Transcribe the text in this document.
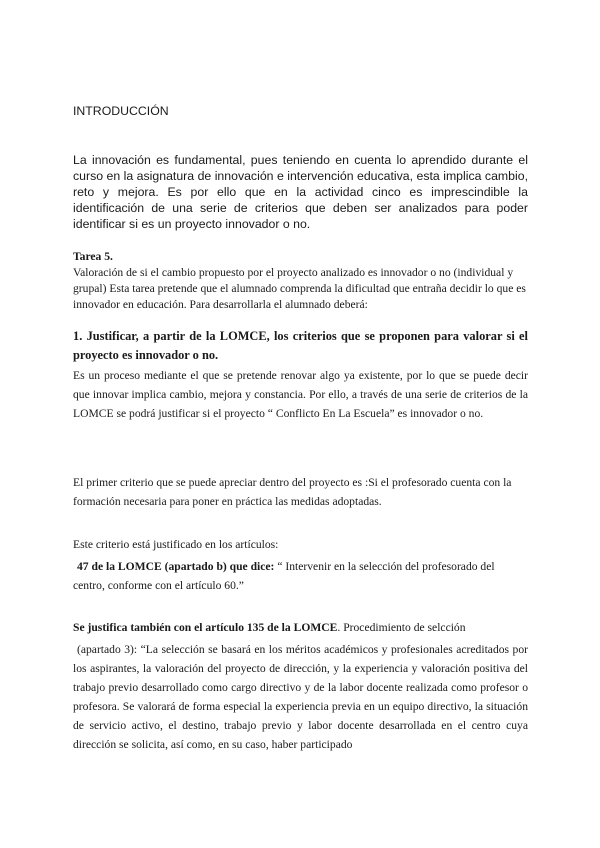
INTRODUCCIÓN

La innovación es fundamental, pues teniendo en cuenta lo aprendido durante el curso en la asignatura de innovación e intervención educativa, esta implica cambio, reto y mejora. Es por ello que en la actividad cinco es imprescindible la identificación de una serie de criterios que deben ser analizados para poder identificar si es un proyecto innovador o no.

Tarea 5.

Valoración de si el cambio propuesto por el proyecto analizado es innovador o no (individual y grupal) Esta tarea pretende que el alumnado comprenda la dificultad que entraña decidir lo que es innovador en educación. Para desarrollarla el alumnado deberá:

1. Justificar, a partir de la LOMCE, los criterios que se proponen para valorar si el proyecto es innovador o no.

Es un proceso mediante el que se pretende renovar algo ya existente, por lo que se puede decir que innovar implica cambio, mejora y constancia. Por ello, a través de una serie de criterios de la LOMCE se podrá justificar si el proyecto “ Conflicto En La Escuela” es innovador o no.

El primer criterio que se puede apreciar dentro del proyecto es :Si el profesorado cuenta con la formación necesaria para poner en práctica las medidas adoptadas.

Este criterio está justificado en los artículos:

47 de la LOMCE (apartado b) que dice: “ Intervenir en la selección del profesorado del centro, conforme con el artículo 60.”

Se justifica también con el artículo 135 de la LOMCE. Procedimiento de selcción

(apartado 3): “La selección se basará en los méritos académicos y profesionales acreditados por los aspirantes, la valoración del proyecto de dirección, y la experiencia y valoración positiva del trabajo previo desarrollado como cargo directivo y de la labor docente realizada como profesor o profesora. Se valorará de forma especial la experiencia previa en un equipo directivo, la situación de servicio activo, el destino, trabajo previo y labor docente desarrollada en el centro cuya dirección se solicita, así como, en su caso, haber participado
